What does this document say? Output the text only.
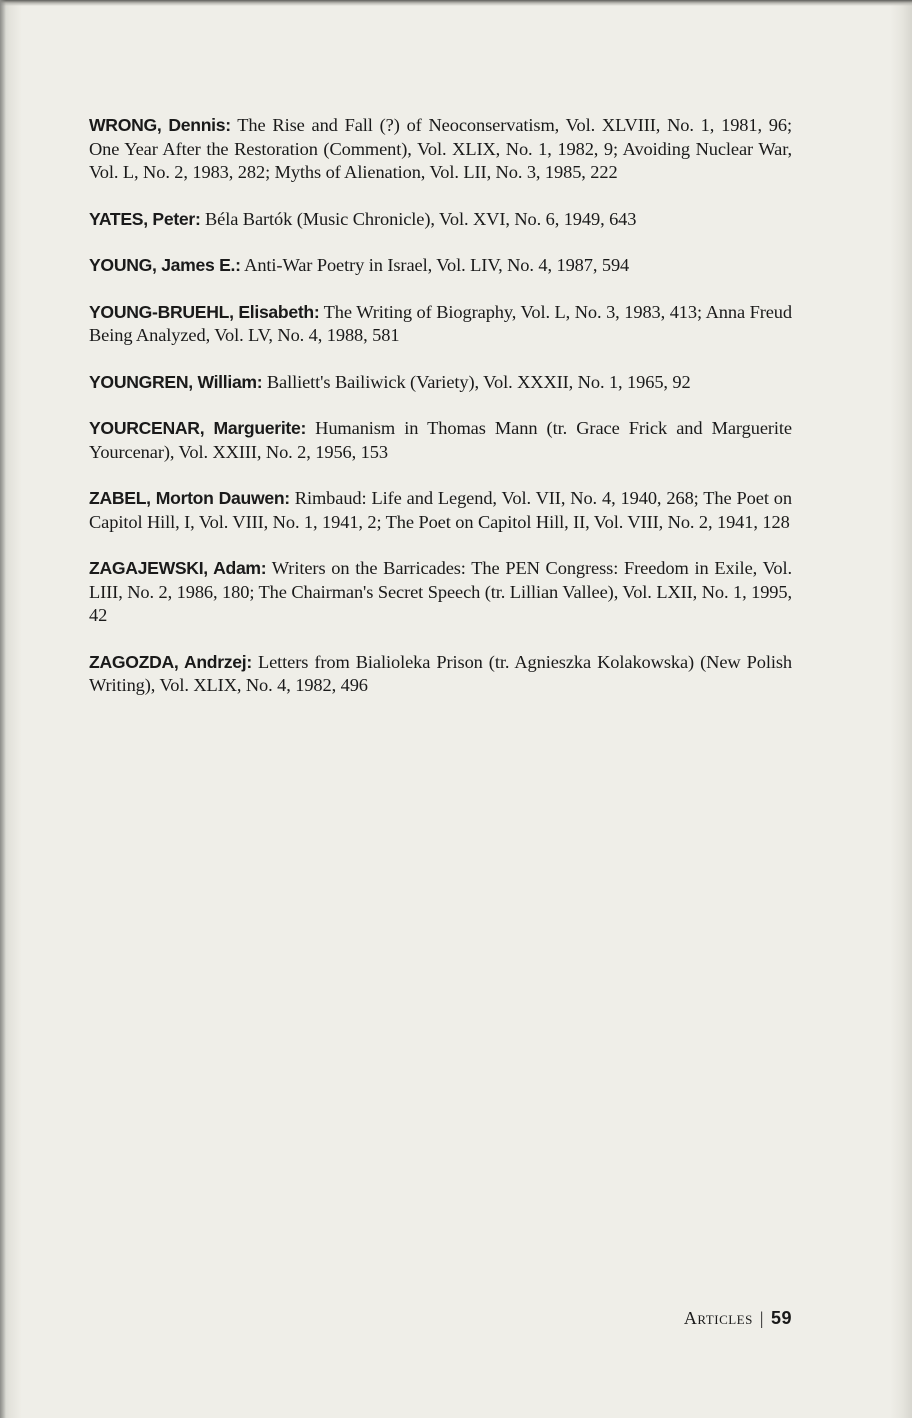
WRONG, Dennis: The Rise and Fall (?) of Neoconservatism, Vol. XLVIII, No. 1, 1981, 96; One Year After the Restoration (Comment), Vol. XLIX, No. 1, 1982, 9; Avoiding Nuclear War, Vol. L, No. 2, 1983, 282; Myths of Alienation, Vol. LII, No. 3, 1985, 222

YATES, Peter: Béla Bartók (Music Chronicle), Vol. XVI, No. 6, 1949, 643

YOUNG, James E.: Anti-War Poetry in Israel, Vol. LIV, No. 4, 1987, 594

YOUNG-BRUEHL, Elisabeth: The Writing of Biography, Vol. L, No. 3, 1983, 413; Anna Freud Being Analyzed, Vol. LV, No. 4, 1988, 581

YOUNGREN, William: Balliett's Bailiwick (Variety), Vol. XXXII, No. 1, 1965, 92

YOURCENAR, Marguerite: Humanism in Thomas Mann (tr. Grace Frick and Marguerite Yourcenar), Vol. XXIII, No. 2, 1956, 153

ZABEL, Morton Dauwen: Rimbaud: Life and Legend, Vol. VII, No. 4, 1940, 268; The Poet on Capitol Hill, I, Vol. VIII, No. 1, 1941, 2; The Poet on Capitol Hill, II, Vol. VIII, No. 2, 1941, 128

ZAGAJEWSKI, Adam: Writers on the Barricades: The PEN Congress: Freedom in Exile, Vol. LIII, No. 2, 1986, 180; The Chairman's Secret Speech (tr. Lillian Vallee), Vol. LXII, No. 1, 1995, 42

ZAGOZDA, Andrzej: Letters from Bialioleka Prison (tr. Agnieszka Kolakowska) (New Polish Writing), Vol. XLIX, No. 4, 1982, 496

Articles | 59
